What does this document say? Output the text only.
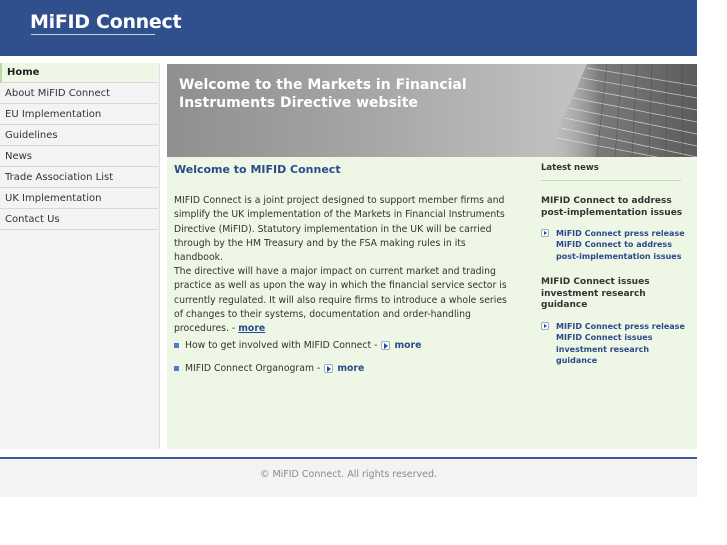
MiFID Connect
Home
About MiFID Connect
EU Implementation
Guidelines
News
Trade Association List
UK Implementation
Contact Us
Welcome to the Markets in Financial Instruments Directive website
Welcome to MIFID Connect
MIFID Connect is a joint project designed to support member firms and simplify the UK implementation of the Markets in Financial Instruments Directive (MiFID). Statutory implementation in the UK will be carried through by the HM Treasury and by the FSA making rules in its handbook.
The directive will have a major impact on current market and trading practice as well as upon the way in which the financial service sector is currently regulated. It will also require firms to introduce a whole series of changes to their systems, documentation and order-handling procedures. - more
How to get involved with MIFID Connect - more
MIFID Connect Organogram - more
Latest news
MIFID Connect to address post-implementation issues
MiFID Connect press release MiFID Connect to address post-implementation issues
MIFID Connect issues investment research guidance
MIFID Connect press release MIFID Connect issues investment research guidance
© MiFID Connect. All rights reserved.
